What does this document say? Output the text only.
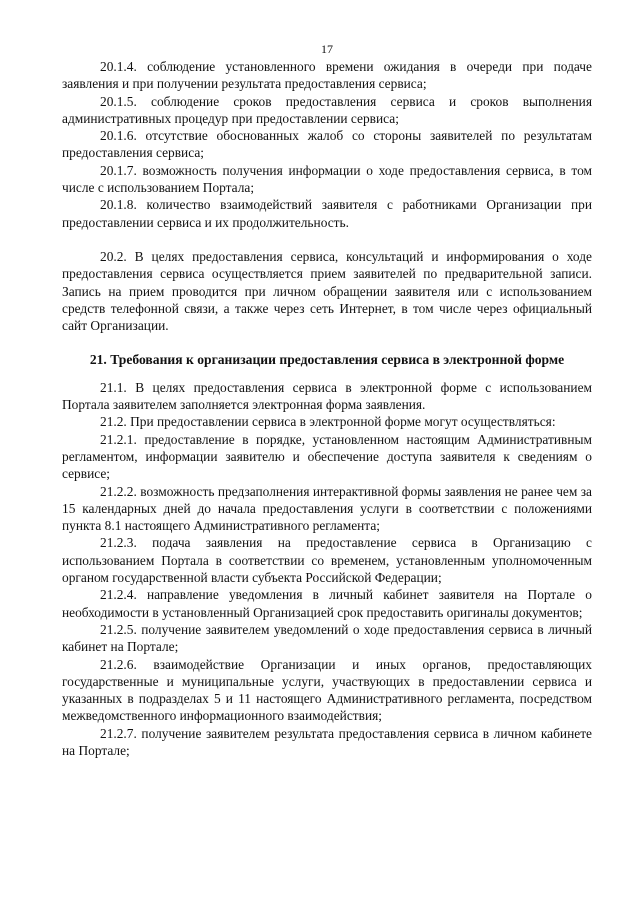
17

20.1.4. соблюдение установленного времени ожидания в очереди при подаче заявления и при получении результата предоставления сервиса;

20.1.5. соблюдение сроков предоставления сервиса и сроков выполнения административных процедур при предоставлении сервиса;

20.1.6. отсутствие обоснованных жалоб со стороны заявителей по результатам предоставления сервиса;

20.1.7. возможность получения информации о ходе предоставления сервиса, в том числе с использованием Портала;

20.1.8. количество взаимодействий заявителя с работниками Организации при предоставлении сервиса и их продолжительность.

20.2. В целях предоставления сервиса, консультаций и информирования о ходе предоставления сервиса осуществляется прием заявителей по предварительной записи. Запись на прием проводится при личном обращении заявителя или с использованием средств телефонной связи, а также через сеть Интернет, в том числе через официальный сайт Организации.

21. Требования к организации предоставления сервиса в электронной форме

21.1. В целях предоставления сервиса в электронной форме с использованием Портала заявителем заполняется электронная форма заявления.

21.2. При предоставлении сервиса в электронной форме могут осуществляться:

21.2.1. предоставление в порядке, установленном настоящим Административным регламентом, информации заявителю и обеспечение доступа заявителя к сведениям о сервисе;

21.2.2. возможность предзаполнения интерактивной формы заявления не ранее чем за 15 календарных дней до начала предоставления услуги в соответствии с положениями пункта 8.1 настоящего Административного регламента;

21.2.3. подача заявления на предоставление сервиса в Организацию с использованием Портала в соответствии со временем, установленным уполномоченным органом государственной власти субъекта Российской Федерации;

21.2.4. направление уведомления в личный кабинет заявителя на Портале о необходимости в установленный Организацией срок предоставить оригиналы документов;

21.2.5. получение заявителем уведомлений о ходе предоставления сервиса в личный кабинет на Портале;

21.2.6. взаимодействие Организации и иных органов, предоставляющих государственные и муниципальные услуги, участвующих в предоставлении сервиса и указанных в подразделах 5 и 11 настоящего Административного регламента, посредством межведомственного информационного взаимодействия;

21.2.7. получение заявителем результата предоставления сервиса в личном кабинете на Портале;
